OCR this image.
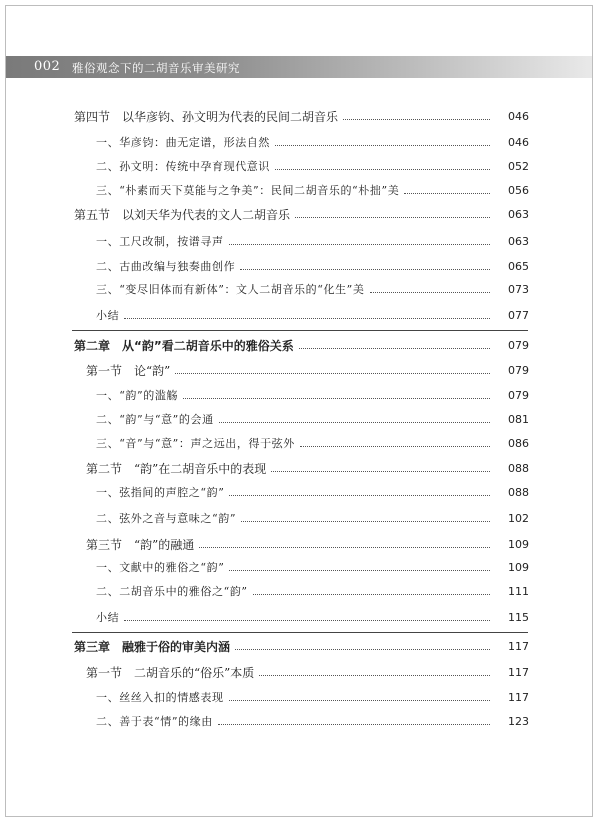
002 雅俗观念下的二胡音乐审美研究
第四节　以华彦钧、孙文明为代表的民间二胡音乐	046
一、华彦钧：曲无定谱，形法自然	046
二、孙文明：传统中孕育现代意识	052
三、“朴素而天下莫能与之争美”：民间二胡音乐的“朴拙”美	056
第五节　以刘天华为代表的文人二胡音乐	063
一、工尺改制，按谱寻声	063
二、古曲改编与独奏曲创作	065
三、“变尽旧体而有新体”：文人二胡音乐的“化生”美	073
小结	077
第二章　从“韵”看二胡音乐中的雅俗关系	079
第一节　论“韵”	079
一、“韵”的滥觞	079
二、“韵”与“意”的会通	081
三、“音”与“意”：声之远出，得于弦外	086
第二节　“韵”在二胡音乐中的表现	088
一、弦指间的声腔之“韵”	088
二、弦外之音与意味之“韵”	102
第三节　“韵”的融通	109
一、文献中的雅俗之“韵”	109
二、二胡音乐中的雅俗之“韵”	111
小结	115
第三章　融雅于俗的审美内涵	117
第一节　二胡音乐的“俗乐”本质	117
一、丝丝入扣的情感表现	117
二、善于表“情”的缘由	123
